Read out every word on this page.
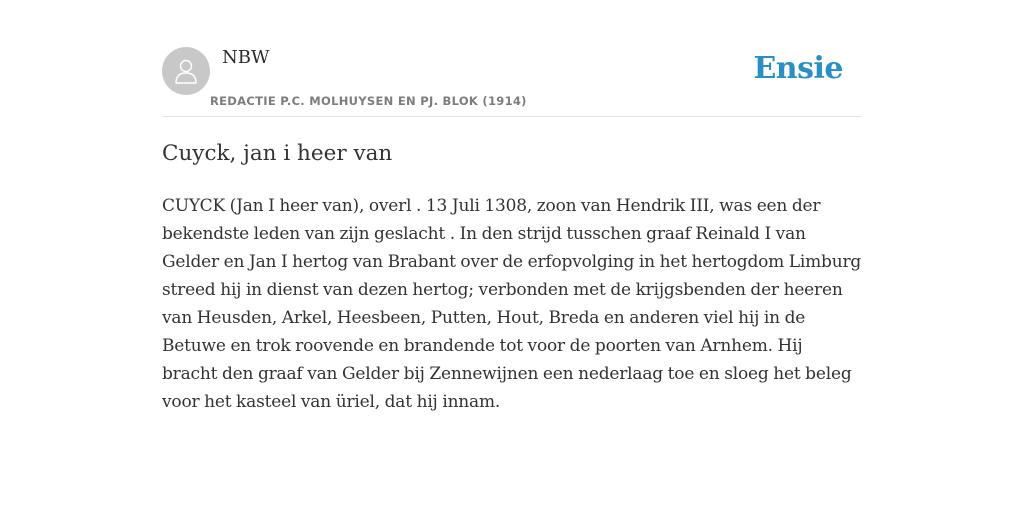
NBW
REDACTIE P.C. MOLHUYSEN EN PJ. BLOK (1914)
Ensie
Cuyck, jan i heer van

CUYCK (Jan I heer van), overl . 13 Juli 1308, zoon van Hendrik III, was een der bekendste leden van zijn geslacht . In den strijd tusschen graaf Reinald I van Gelder en Jan I hertog van Brabant over de erfopvolging in het hertogdom Limburg streed hij in dienst van dezen hertog; verbonden met de krijgsbenden der heeren van Heusden, Arkel, Heesbeen, Putten, Hout, Breda en anderen viel hij in de Betuwe en trok roovende en brandende tot voor de poorten van Arnhem. Hij bracht den graaf van Gelder bij Zennewijnen een nederlaag toe en sloeg het beleg voor het kasteel van üriel, dat hij innam.
